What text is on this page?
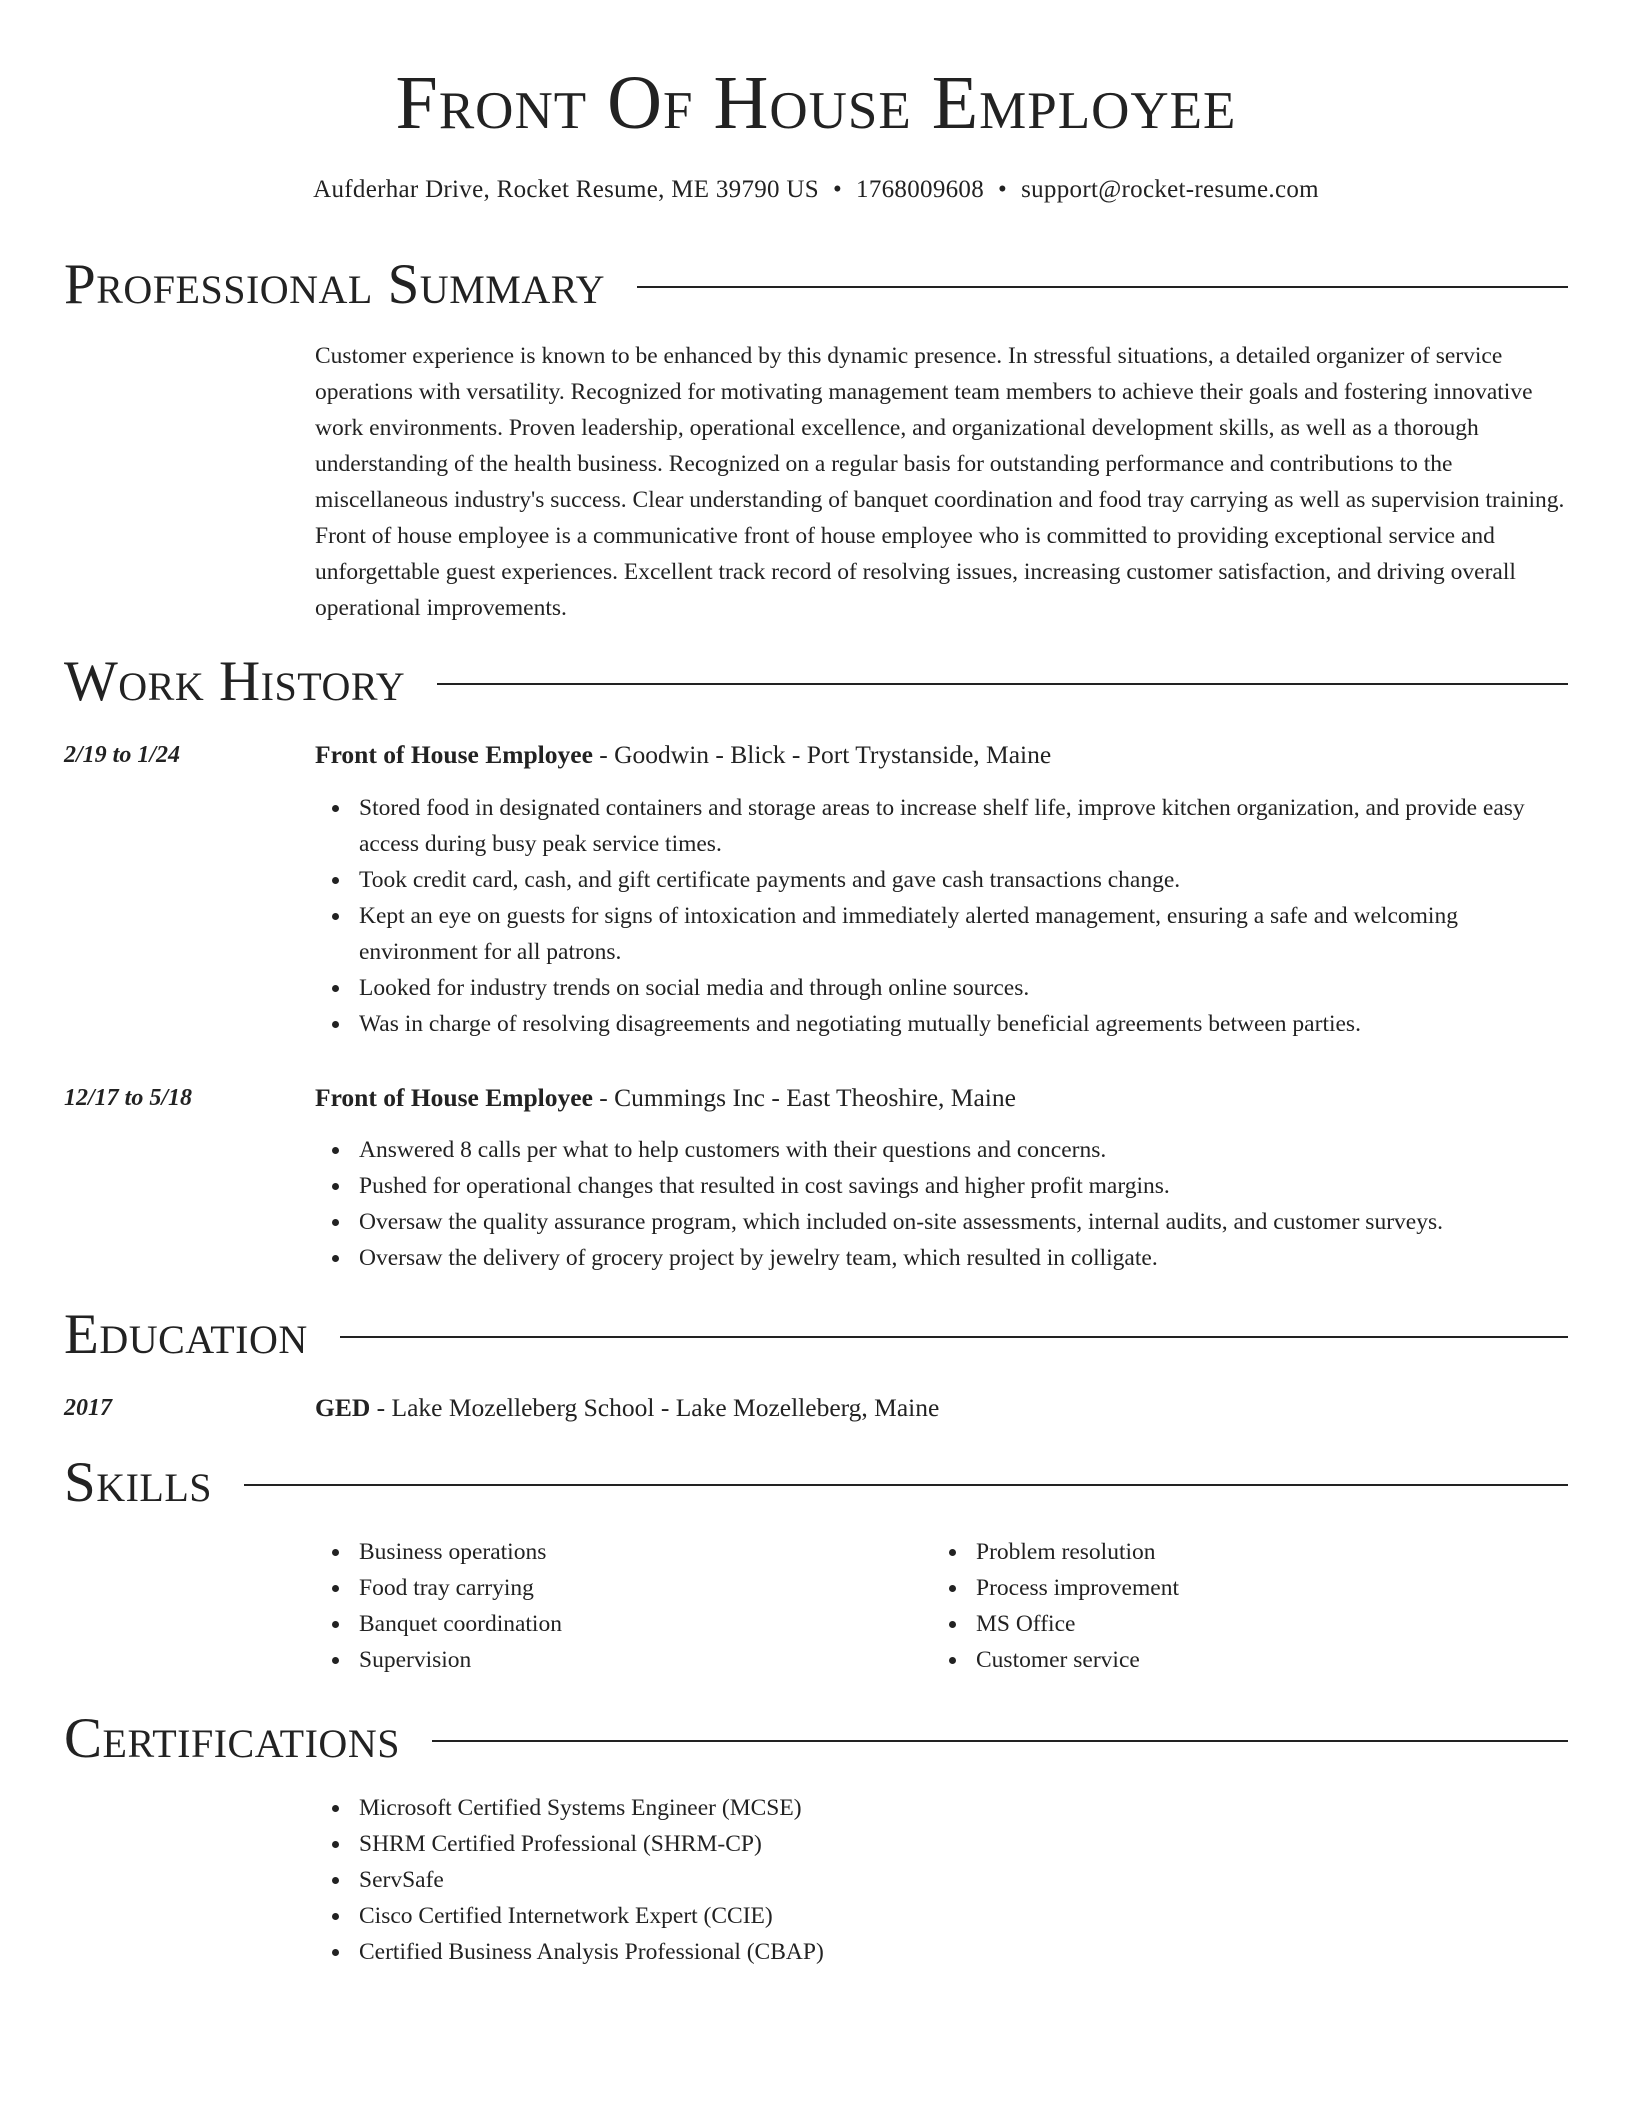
Front Of House Employee
Aufderhar Drive, Rocket Resume, ME 39790 US • 1768009608 • support@rocket-resume.com
Professional Summary

Customer experience is known to be enhanced by this dynamic presence. In stressful situations, a detailed organizer of service operations with versatility. Recognized for motivating management team members to achieve their goals and fostering innovative work environments. Proven leadership, operational excellence, and organizational development skills, as well as a thorough understanding of the health business. Recognized on a regular basis for outstanding performance and contributions to the miscellaneous industry's success. Clear understanding of banquet coordination and food tray carrying as well as supervision training. Front of house employee is a communicative front of house employee who is committed to providing exceptional service and unforgettable guest experiences. Excellent track record of resolving issues, increasing customer satisfaction, and driving overall operational improvements.

Work History
2/19 to 1/24	Front of House Employee - Goodwin - Blick - Port Trystanside, Maine
Stored food in designated containers and storage areas to increase shelf life, improve kitchen organization, and provide easy access during busy peak service times.
Took credit card, cash, and gift certificate payments and gave cash transactions change.
Kept an eye on guests for signs of intoxication and immediately alerted management, ensuring a safe and welcoming environment for all patrons.
Looked for industry trends on social media and through online sources.
Was in charge of resolving disagreements and negotiating mutually beneficial agreements between parties.
12/17 to 5/18	Front of House Employee - Cummings Inc - East Theoshire, Maine
Answered 8 calls per what to help customers with their questions and concerns.
Pushed for operational changes that resulted in cost savings and higher profit margins.
Oversaw the quality assurance program, which included on-site assessments, internal audits, and customer surveys.
Oversaw the delivery of grocery project by jewelry team, which resulted in colligate.
Education
2017	GED - Lake Mozelleberg School - Lake Mozelleberg, Maine
Skills
Business operations
Food tray carrying
Banquet coordination
Supervision
Problem resolution
Process improvement
MS Office
Customer service
Certifications
Microsoft Certified Systems Engineer (MCSE)
SHRM Certified Professional (SHRM-CP)
ServSafe
Cisco Certified Internetwork Expert (CCIE)
Certified Business Analysis Professional (CBAP)
